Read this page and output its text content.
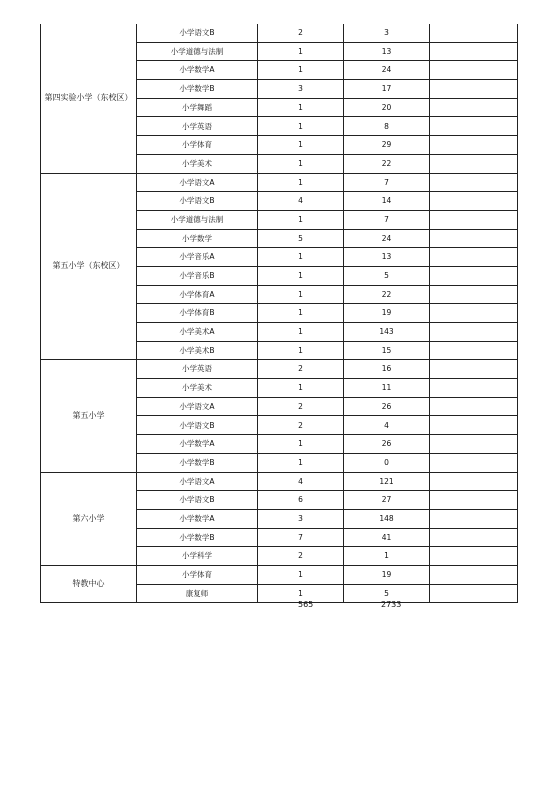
第四实验小学（东校区）	小学语文B	2	3	
	小学道德与法制	1	13	
	小学数学A	1	24	
	小学数学B	3	17	
	小学舞蹈	1	20	
	小学英语	1	8	
	小学体育	1	29	
	小学美术	1	22	
第五小学（东校区）	小学语文A	1	7	
	小学语文B	4	14	
	小学道德与法制	1	7	
	小学数学	5	24	
	小学音乐A	1	13	
	小学音乐B	1	5	
	小学体育A	1	22	
	小学体育B	1	19	
	小学美术A	1	143	
	小学美术B	1	15	
第五小学	小学英语	2	16	
	小学美术	1	11	
	小学语文A	2	26	
	小学语文B	2	4	
	小学数学A	1	26	
	小学数学B	1	0	
第六小学	小学语文A	4	121	
	小学语文B	6	27	
	小学数学A	3	148	
	小学数学B	7	41	
	小学科学	2	1	
特教中心	小学体育	1	19	
	康复师	1	5	
565	2733
